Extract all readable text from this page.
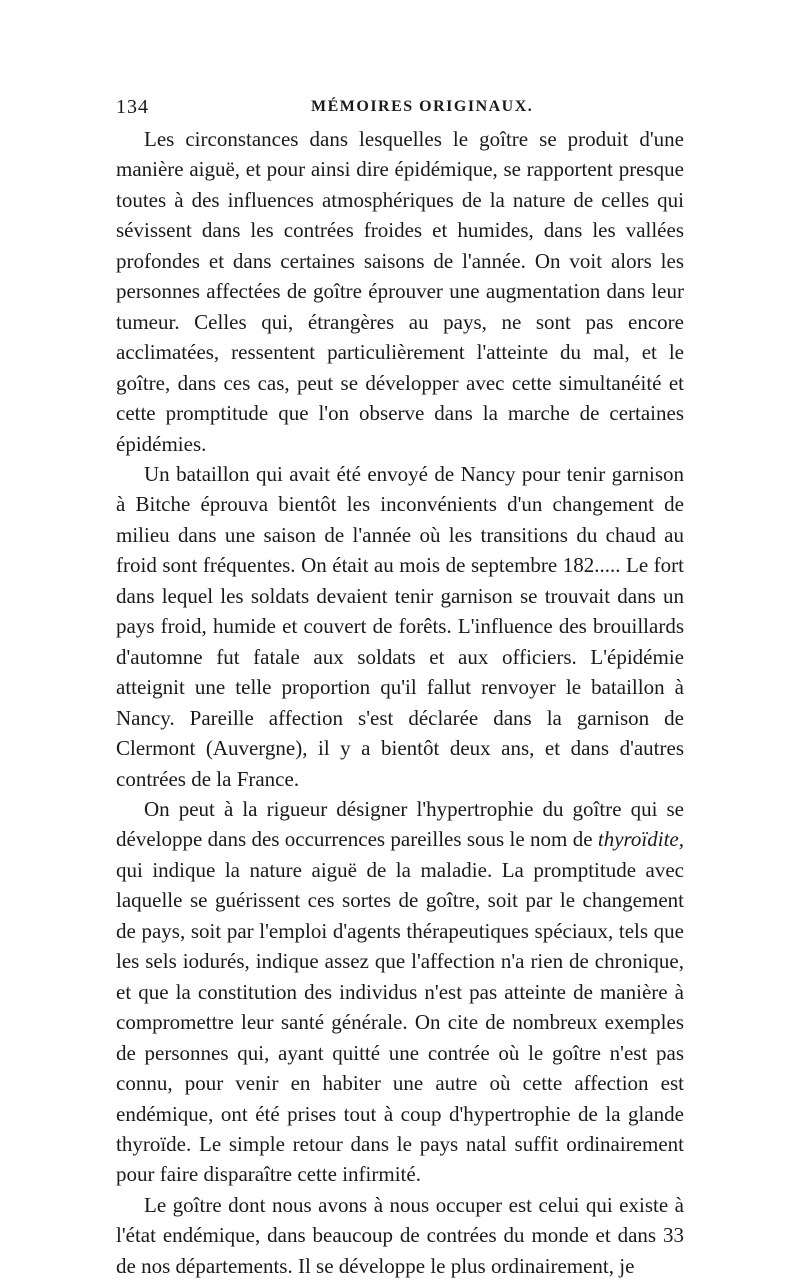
134	MÉMOIRES ORIGINAUX.

Les circonstances dans lesquelles le goître se produit d'une manière aiguë, et pour ainsi dire épidémique, se rapportent presque toutes à des influences atmosphériques de la nature de celles qui sévissent dans les contrées froides et humides, dans les vallées profondes et dans certaines saisons de l'année. On voit alors les personnes affectées de goître éprouver une augmentation dans leur tumeur. Celles qui, étrangères au pays, ne sont pas encore acclimatées, ressentent particulièrement l'atteinte du mal, et le goître, dans ces cas, peut se développer avec cette simultanéité et cette promptitude que l'on observe dans la marche de certaines épidémies.

Un bataillon qui avait été envoyé de Nancy pour tenir garnison à Bitche éprouva bientôt les inconvénients d'un changement de milieu dans une saison de l'année où les transitions du chaud au froid sont fréquentes. On était au mois de septembre 182..... Le fort dans lequel les soldats devaient tenir garnison se trouvait dans un pays froid, humide et couvert de forêts. L'influence des brouillards d'automne fut fatale aux soldats et aux officiers. L'épidémie atteignit une telle proportion qu'il fallut renvoyer le bataillon à Nancy. Pareille affection s'est déclarée dans la garnison de Clermont (Auvergne), il y a bientôt deux ans, et dans d'autres contrées de la France.

On peut à la rigueur désigner l'hypertrophie du goître qui se développe dans des occurrences pareilles sous le nom de thyroïdite, qui indique la nature aiguë de la maladie. La promptitude avec laquelle se guérissent ces sortes de goître, soit par le changement de pays, soit par l'emploi d'agents thérapeutiques spéciaux, tels que les sels iodurés, indique assez que l'affection n'a rien de chronique, et que la constitution des individus n'est pas atteinte de manière à compromettre leur santé générale. On cite de nombreux exemples de personnes qui, ayant quitté une contrée où le goître n'est pas connu, pour venir en habiter une autre où cette affection est endémique, ont été prises tout à coup d'hypertrophie de la glande thyroïde. Le simple retour dans le pays natal suffit ordinairement pour faire disparaître cette infirmité.

Le goître dont nous avons à nous occuper est celui qui existe à l'état endémique, dans beaucoup de contrées du monde et dans 33 de nos départements. Il se développe le plus ordinairement, je
